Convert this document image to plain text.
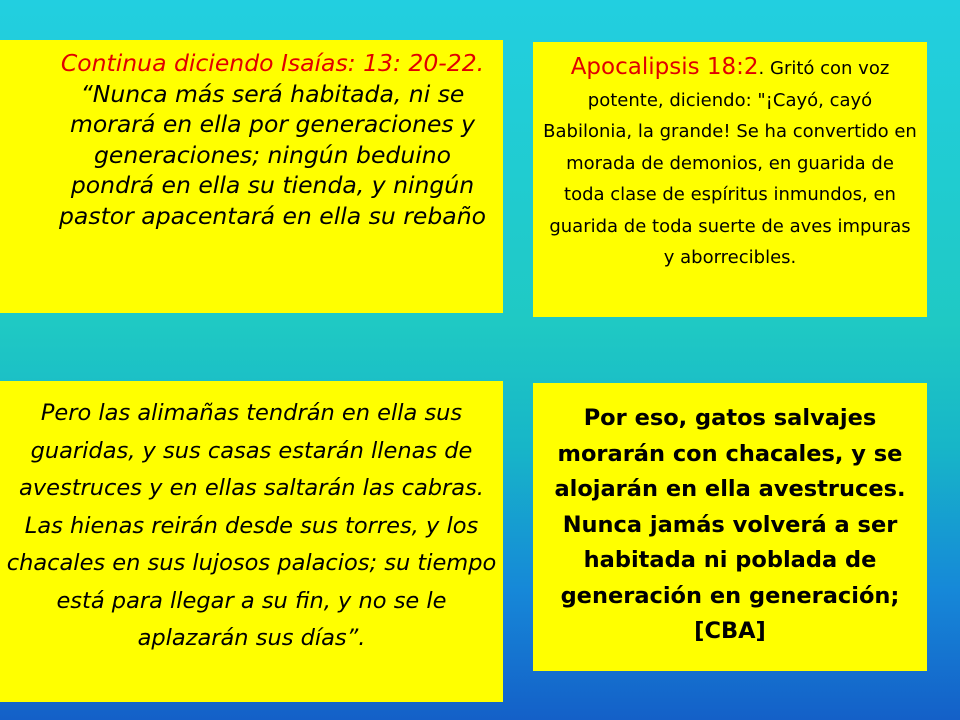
Continua diciendo Isaías: 13: 20-22. “Nunca más será habitada, ni se morará en ella por generaciones y generaciones; ningún beduino pondrá en ella su tienda, y ningún pastor apacentará en ella su rebaño
Apocalipsis 18:2. Gritó con voz potente, diciendo: "¡Cayó, cayó Babilonia, la grande! Se ha convertido en morada de demonios, en guarida de toda clase de espíritus inmundos, en guarida de toda suerte de aves impuras y aborrecibles.
Pero las alimañas tendrán en ella sus guaridas, y sus casas estarán llenas de avestruces y en ellas saltarán las cabras. Las hienas reirán desde sus torres, y los chacales en sus lujosos palacios; su tiempo está para llegar a su fin, y no se le aplazarán sus días”.
Por eso, gatos salvajes morarán con chacales, y se alojarán en ella avestruces. Nunca jamás volverá a ser habitada ni poblada de generación en generación; [CBA]
